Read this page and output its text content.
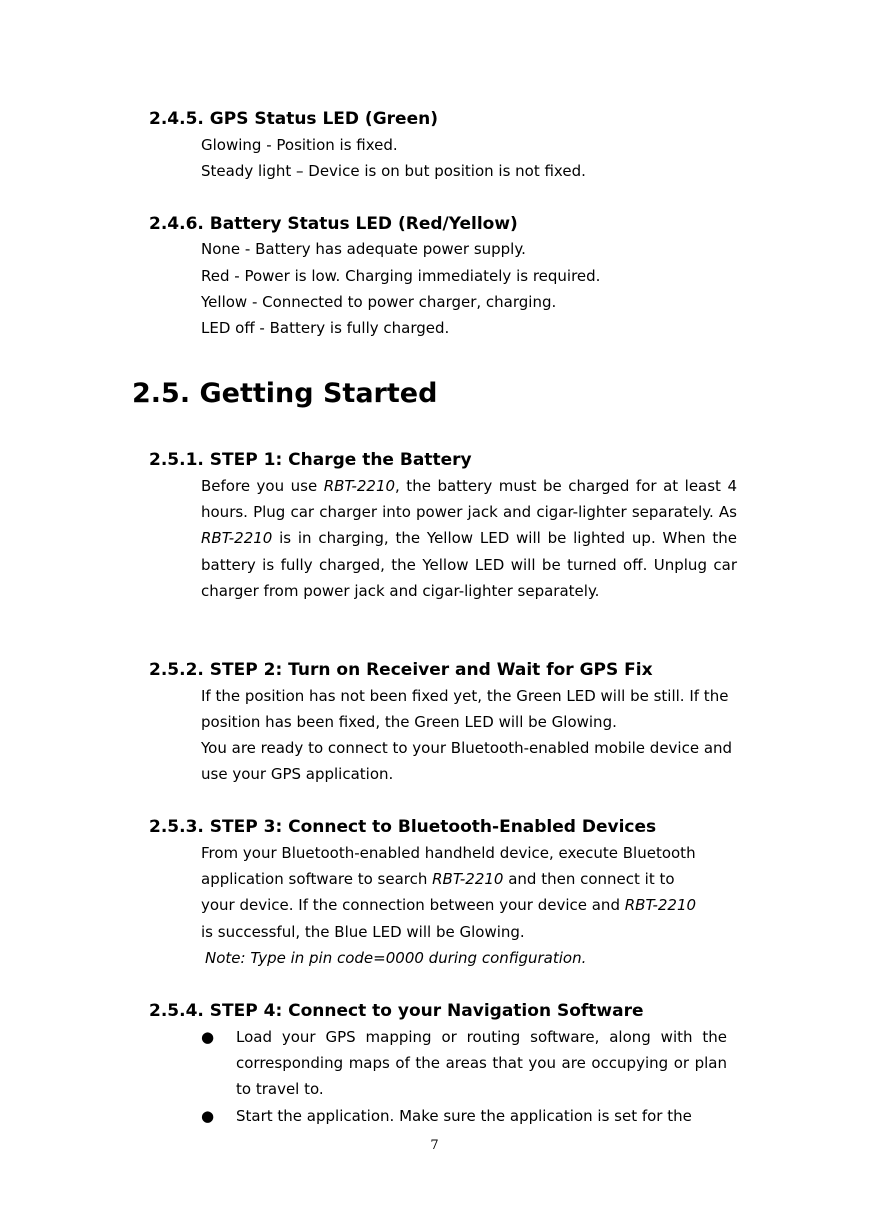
2.4.5. GPS Status LED (Green)
Glowing - Position is fixed.
Steady light – Device is on but position is not fixed.
2.4.6. Battery Status LED (Red/Yellow)
None - Battery has adequate power supply.
Red - Power is low. Charging immediately is required.
Yellow - Connected to power charger, charging.
LED off - Battery is fully charged.
2.5. Getting Started
2.5.1. STEP 1: Charge the Battery

Before you use RBT-2210, the battery must be charged for at least 4 hours. Plug car charger into power jack and cigar-lighter separately. As RBT-2210 is in charging, the Yellow LED will be lighted up. When the battery is fully charged, the Yellow LED will be turned off. Unplug car charger from power jack and cigar-lighter separately.

2.5.2. STEP 2: Turn on Receiver and Wait for GPS Fix

If the position has not been fixed yet, the Green LED will be still. If the position has been fixed, the Green LED will be Glowing.

You are ready to connect to your Bluetooth-enabled mobile device and use your GPS application.

2.5.3. STEP 3: Connect to Bluetooth-Enabled Devices
From your Bluetooth-enabled handheld device, execute Bluetooth
application software to search RBT-2210 and then connect it to
your device. If the connection between your device and RBT-2210
is successful, the Blue LED will be Glowing.
Note: Type in pin code=0000 during configuration.
2.5.4. STEP 4: Connect to your Navigation Software
●	Load your GPS mapping or routing software, along with the corresponding maps of the areas that you are occupying or plan to travel to.
●	Start the application. Make sure the application is set for the
7
